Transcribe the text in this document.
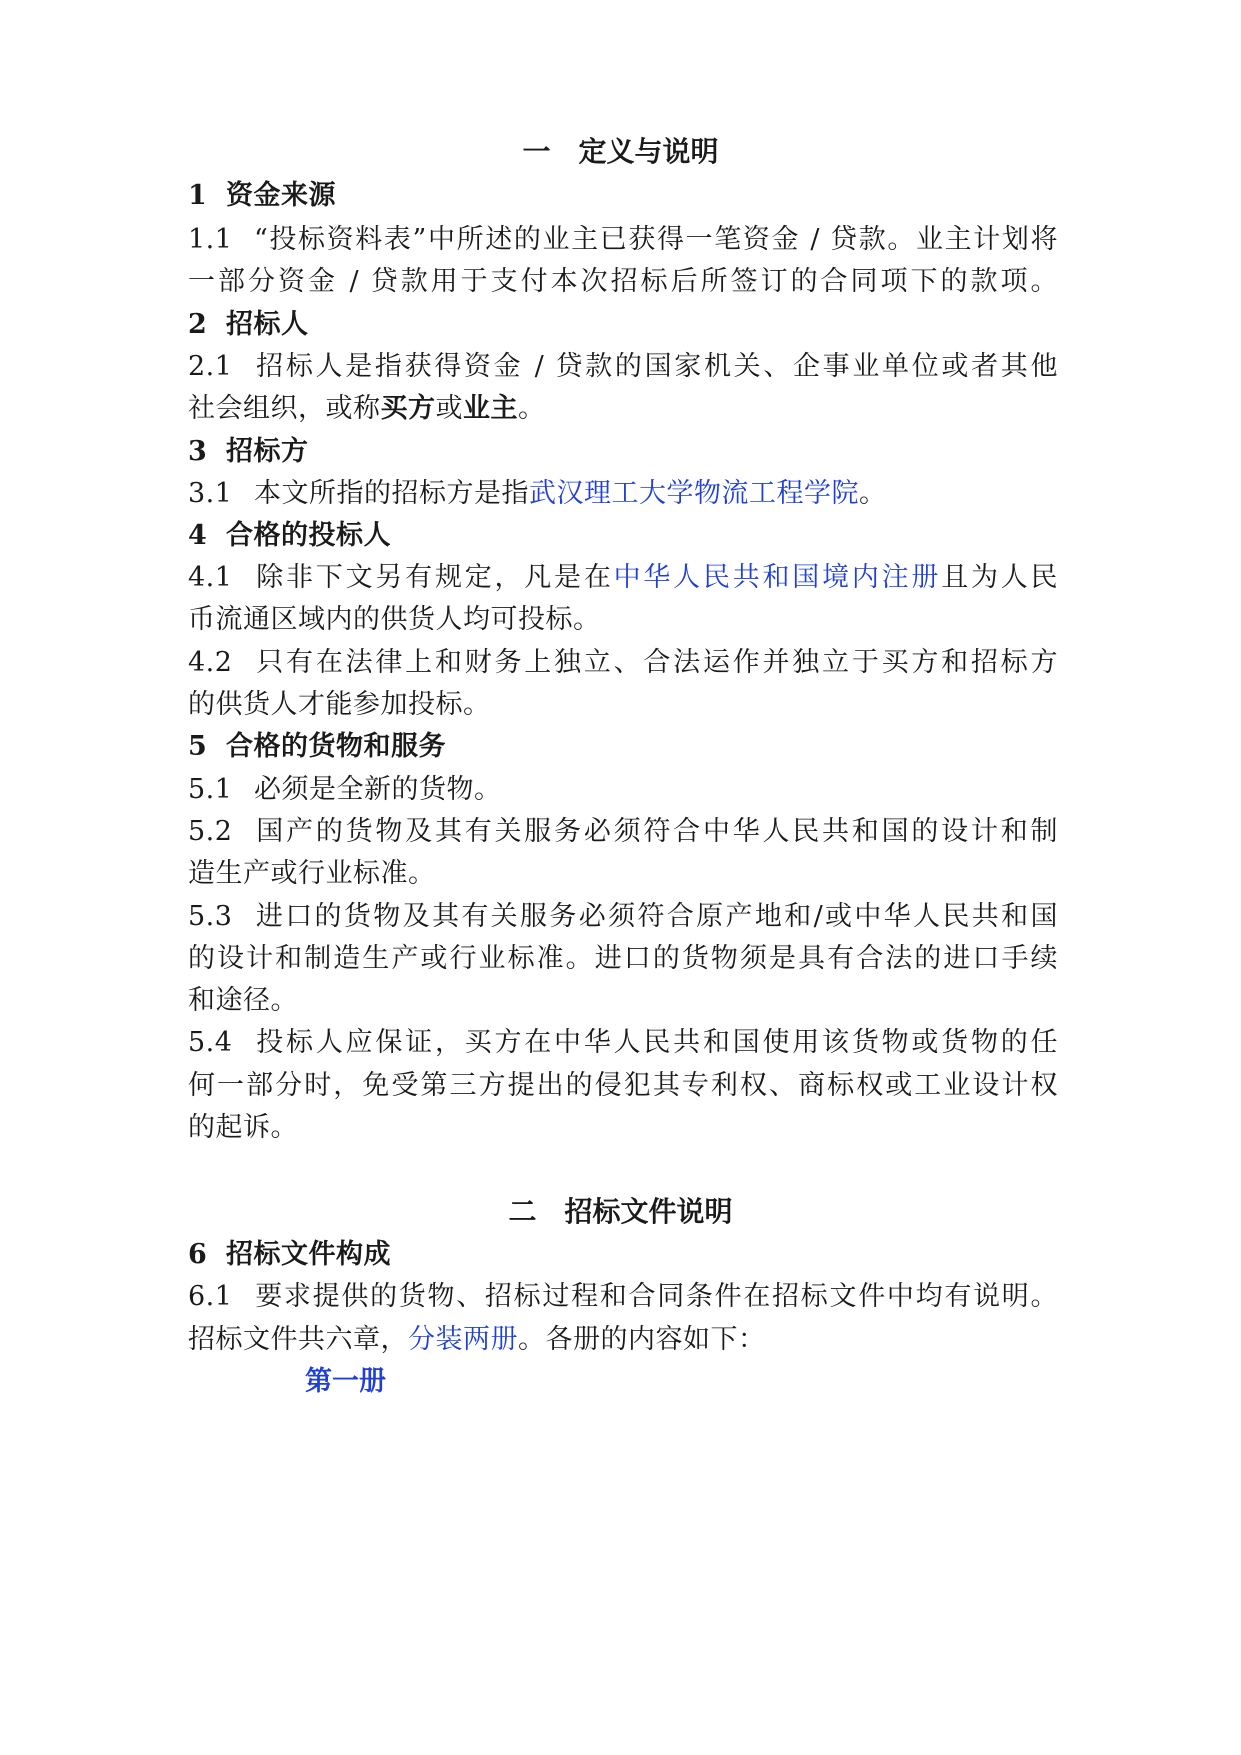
一 定义与说明
1 资金来源
1.1 “投标资料表”中所述的业主已获得一笔资金 / 贷款。业主计划将
一部分资金 / 贷款用于支付本次招标后所签订的合同项下的款项。
2 招标人
2.1 招标人是指获得资金 / 贷款的国家机关、企事业单位或者其他
社会组织，或称买方或业主。
3 招标方
3.1 本文所指的招标方是指武汉理工大学物流工程学院。
4 合格的投标人
4.1 除非下文另有规定，凡是在中华人民共和国境内注册且为人民
币流通区域内的供货人均可投标。
4.2 只有在法律上和财务上独立、合法运作并独立于买方和招标方
的供货人才能参加投标。
5 合格的货物和服务
5.1 必须是全新的货物。
5.2 国产的货物及其有关服务必须符合中华人民共和国的设计和制
造生产或行业标准。
5.3 进口的货物及其有关服务必须符合原产地和/或中华人民共和国
的设计和制造生产或行业标准。进口的货物须是具有合法的进口手续
和途径。
5.4 投标人应保证，买方在中华人民共和国使用该货物或货物的任
何一部分时，免受第三方提出的侵犯其专利权、商标权或工业设计权
的起诉。
二 招标文件说明
6 招标文件构成
6.1 要求提供的货物、招标过程和合同条件在招标文件中均有说明。
招标文件共六章，分装两册。各册的内容如下：
第一册
